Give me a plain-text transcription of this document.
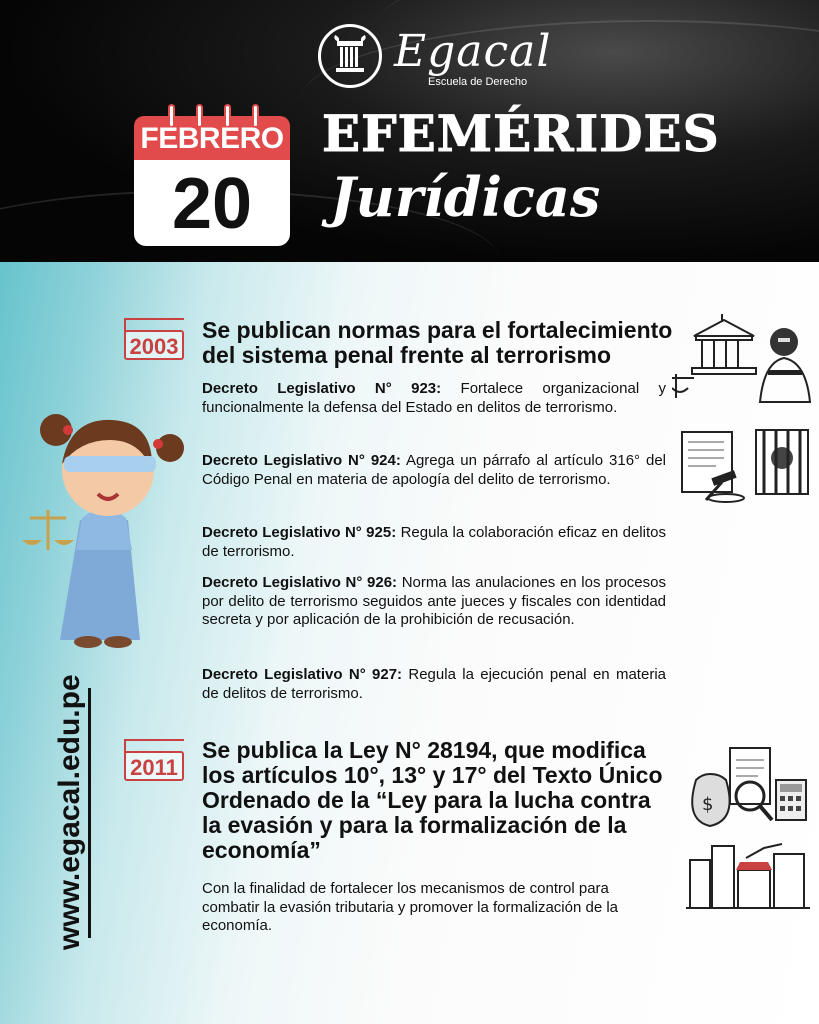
Egacal
Escuela de Derecho
FEBRERO
20
EFEMÉRIDES
Jurídicas
www.egacal.edu.pe
2003
Se publican normas para el fortalecimiento
del sistema penal frente al terrorismo
Decreto Legislativo N° 923: Fortalece organizacional y funcionalmente la defensa del Estado en delitos de terrorismo.
Decreto Legislativo N° 924: Agrega un párrafo al artículo 316° del Código Penal en materia de apología del delito de terrorismo.
Decreto Legislativo N° 925: Regula la colaboración eficaz en delitos de terrorismo.
Decreto Legislativo N° 926: Norma las anulaciones en los procesos por delito de terrorismo seguidos ante jueces y fiscales con identidad secreta y por aplicación de la prohibición de recusación.
Decreto Legislativo N° 927: Regula la ejecución penal en materia de delitos de terrorismo.
2011
Se publica la Ley N° 28194, que modifica
los artículos 10°, 13° y 17° del Texto Único
Ordenado de la “Ley para la lucha contra
la evasión y para la formalización de la
economía”
Con la finalidad de fortalecer los mecanismos de control para combatir la evasión tributaria y promover la formalización de la economía.
$
